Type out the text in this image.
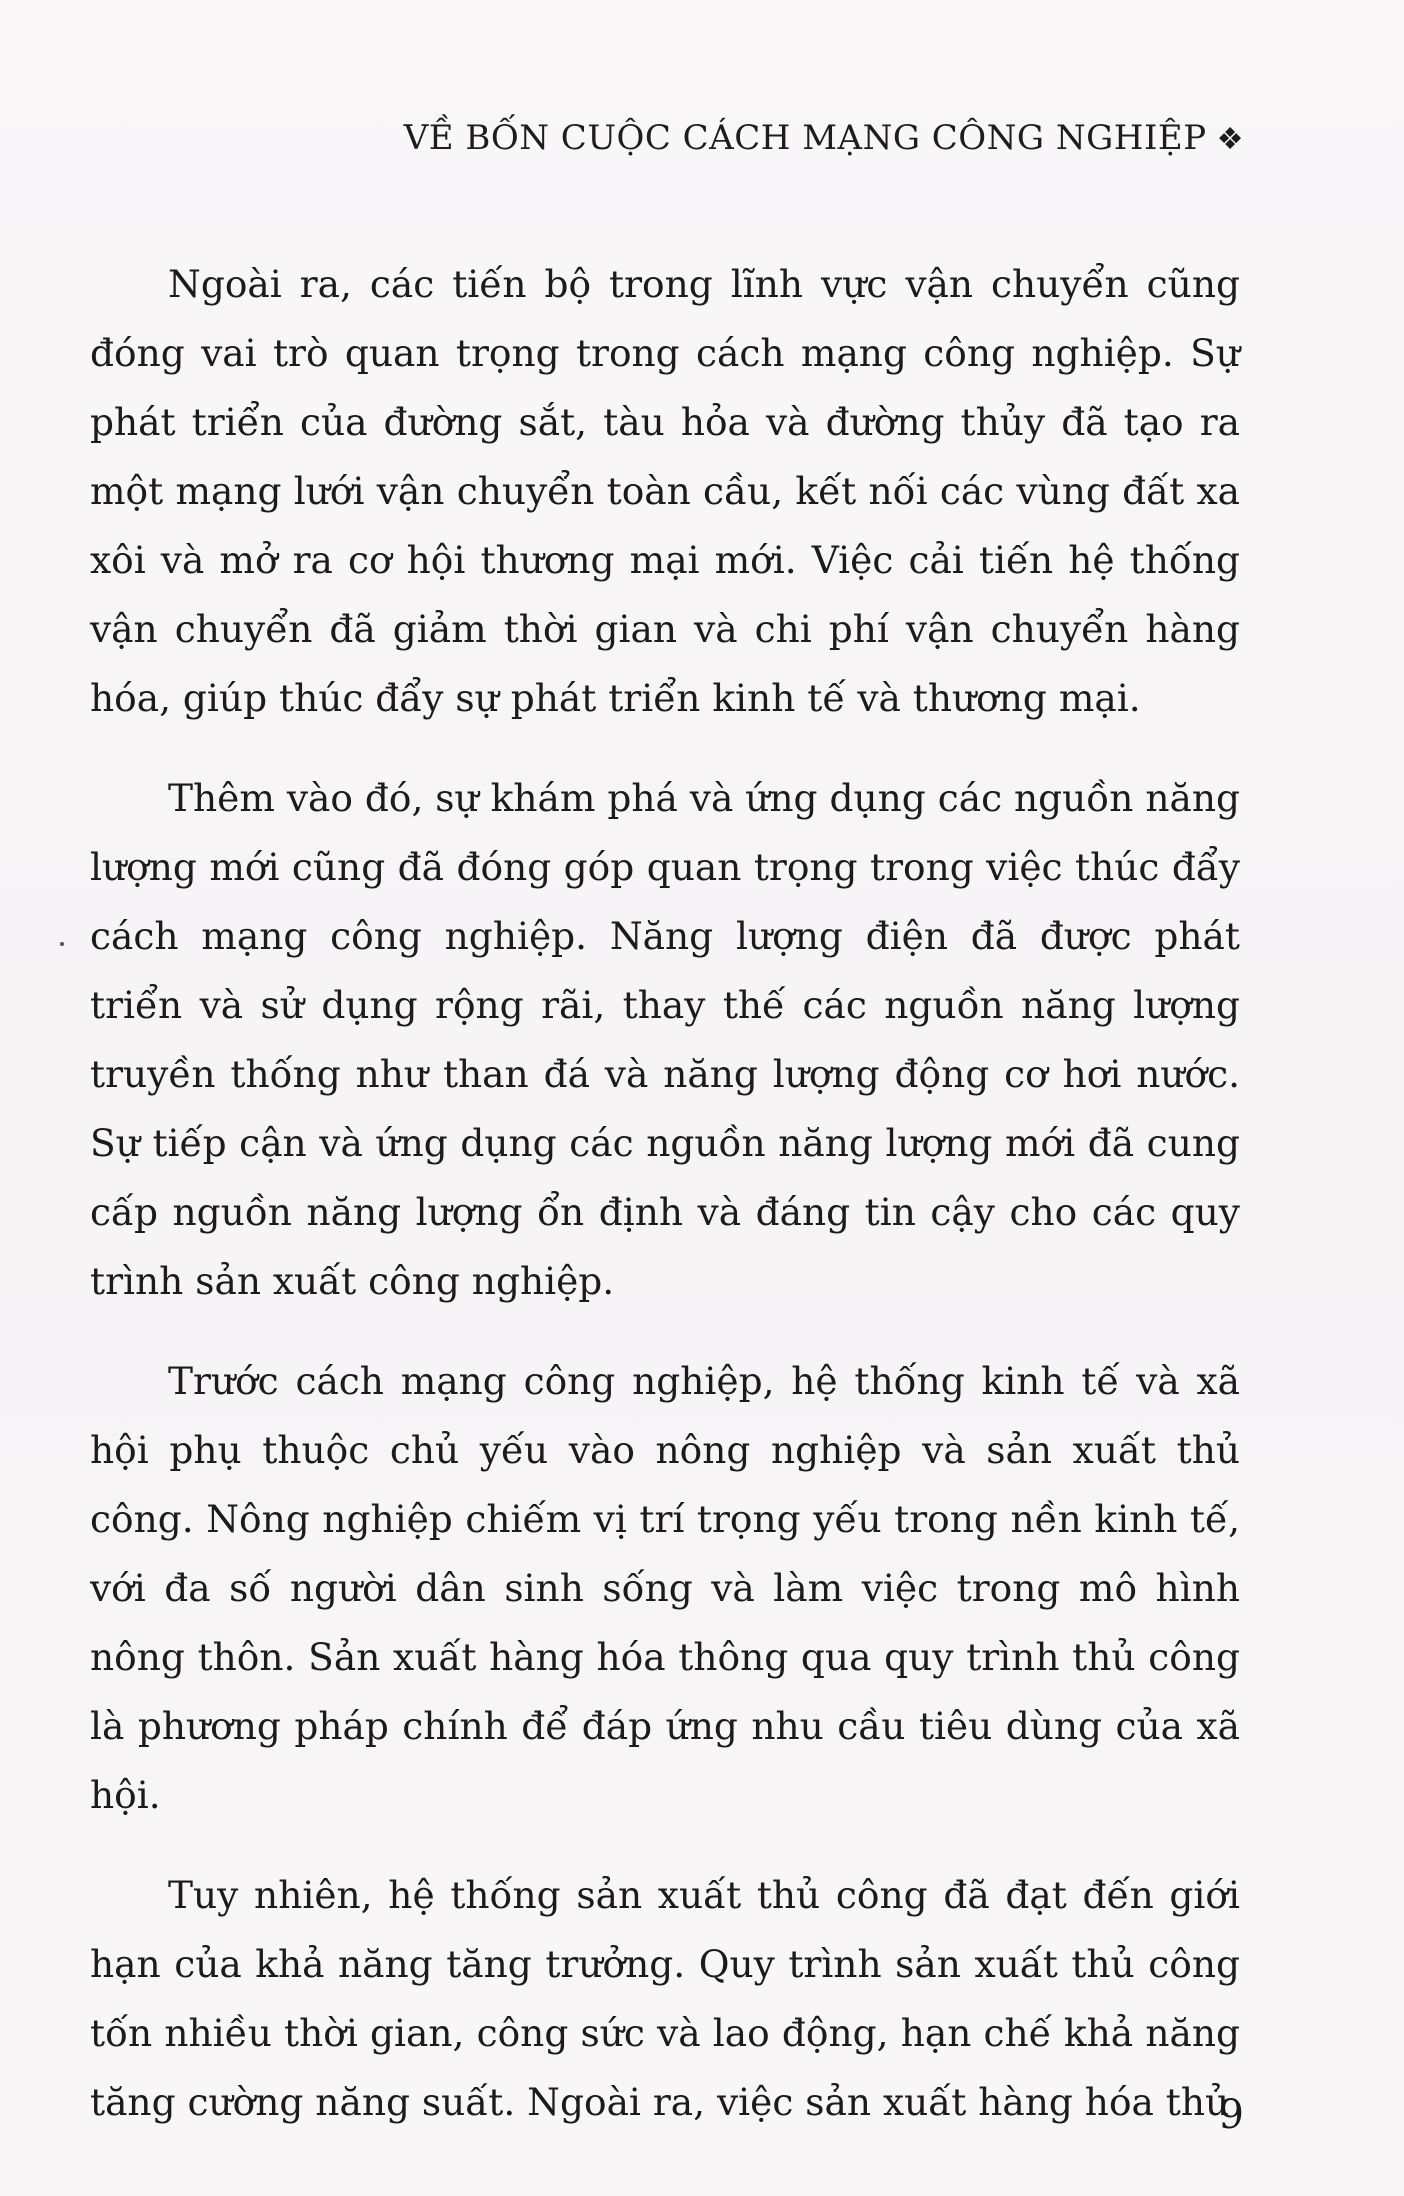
VỀ BỐN CUỘC CÁCH MẠNG CÔNG NGHIỆP ❖

Ngoài ra, các tiến bộ trong lĩnh vực vận chuyển cũng đóng vai trò quan trọng trong cách mạng công nghiệp. Sự phát triển của đường sắt, tàu hỏa và đường thủy đã tạo ra một mạng lưới vận chuyển toàn cầu, kết nối các vùng đất xa xôi và mở ra cơ hội thương mại mới. Việc cải tiến hệ thống vận chuyển đã giảm thời gian và chi phí vận chuyển hàng hóa, giúp thúc đẩy sự phát triển kinh tế và thương mại.

Thêm vào đó, sự khám phá và ứng dụng các nguồn năng lượng mới cũng đã đóng góp quan trọng trong việc thúc đẩy cách mạng công nghiệp. Năng lượng điện đã được phát triển và sử dụng rộng rãi, thay thế các nguồn năng lượng truyền thống như than đá và năng lượng động cơ hơi nước. Sự tiếp cận và ứng dụng các nguồn năng lượng mới đã cung cấp nguồn năng lượng ổn định và đáng tin cậy cho các quy trình sản xuất công nghiệp.

Trước cách mạng công nghiệp, hệ thống kinh tế và xã hội phụ thuộc chủ yếu vào nông nghiệp và sản xuất thủ công. Nông nghiệp chiếm vị trí trọng yếu trong nền kinh tế, với đa số người dân sinh sống và làm việc trong mô hình nông thôn. Sản xuất hàng hóa thông qua quy trình thủ công là phương pháp chính để đáp ứng nhu cầu tiêu dùng của xã hội.

Tuy nhiên, hệ thống sản xuất thủ công đã đạt đến giới hạn của khả năng tăng trưởng. Quy trình sản xuất thủ công tốn nhiều thời gian, công sức và lao động, hạn chế khả năng tăng cường năng suất. Ngoài ra, việc sản xuất hàng hóa thủ

9
